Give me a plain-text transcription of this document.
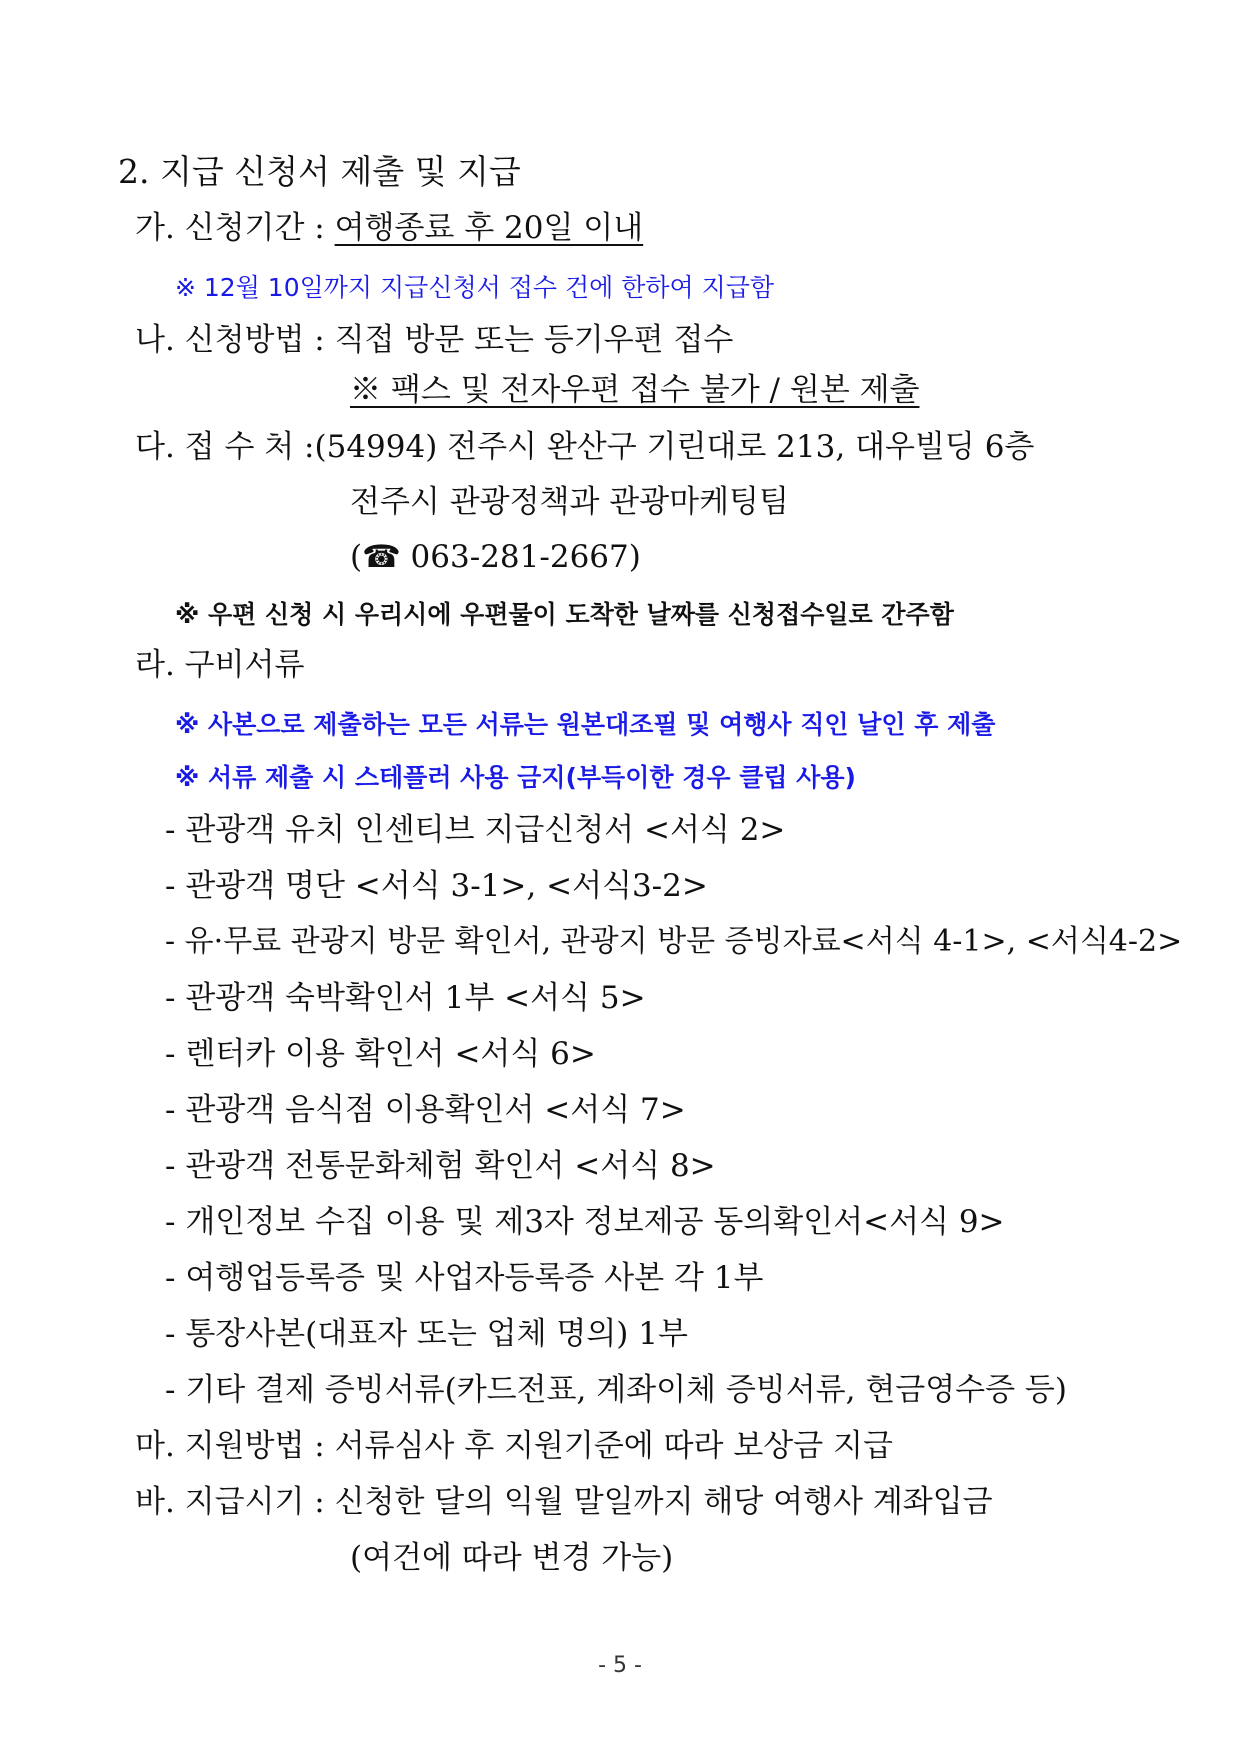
2. 지급 신청서 제출 및 지급
가. 신청기간 : 여행종료 후 20일 이내
※ 12월 10일까지 지급신청서 접수 건에 한하여 지급함
나. 신청방법 : 직접 방문 또는 등기우편 접수
※ 팩스 및 전자우편 접수 불가 / 원본 제출
다. 접 수 처 :(54994) 전주시 완산구 기린대로 213, 대우빌딩 6층
전주시 관광정책과 관광마케팅팀
(☎ 063-281-2667)
※ 우편 신청 시 우리시에 우편물이 도착한 날짜를 신청접수일로 간주함
라. 구비서류
※ 사본으로 제출하는 모든 서류는 원본대조필 및 여행사 직인 날인 후 제출
※ 서류 제출 시 스테플러 사용 금지(부득이한 경우 클립 사용)
- 관광객 유치 인센티브 지급신청서 <서식 2>
- 관광객 명단 <서식 3-1>, <서식3-2>
- 유·무료 관광지 방문 확인서, 관광지 방문 증빙자료<서식 4-1>, <서식4-2>
- 관광객 숙박확인서 1부 <서식 5>
- 렌터카 이용 확인서 <서식 6>
- 관광객 음식점 이용확인서 <서식 7>
- 관광객 전통문화체험 확인서 <서식 8>
- 개인정보 수집 이용 및 제3자 정보제공 동의확인서<서식 9>
- 여행업등록증 및 사업자등록증 사본 각 1부
- 통장사본(대표자 또는 업체 명의) 1부
- 기타 결제 증빙서류(카드전표, 계좌이체 증빙서류, 현금영수증 등)
마. 지원방법 : 서류심사 후 지원기준에 따라 보상금 지급
바. 지급시기 : 신청한 달의 익월 말일까지 해당 여행사 계좌입금
(여건에 따라 변경 가능)
- 5 -
